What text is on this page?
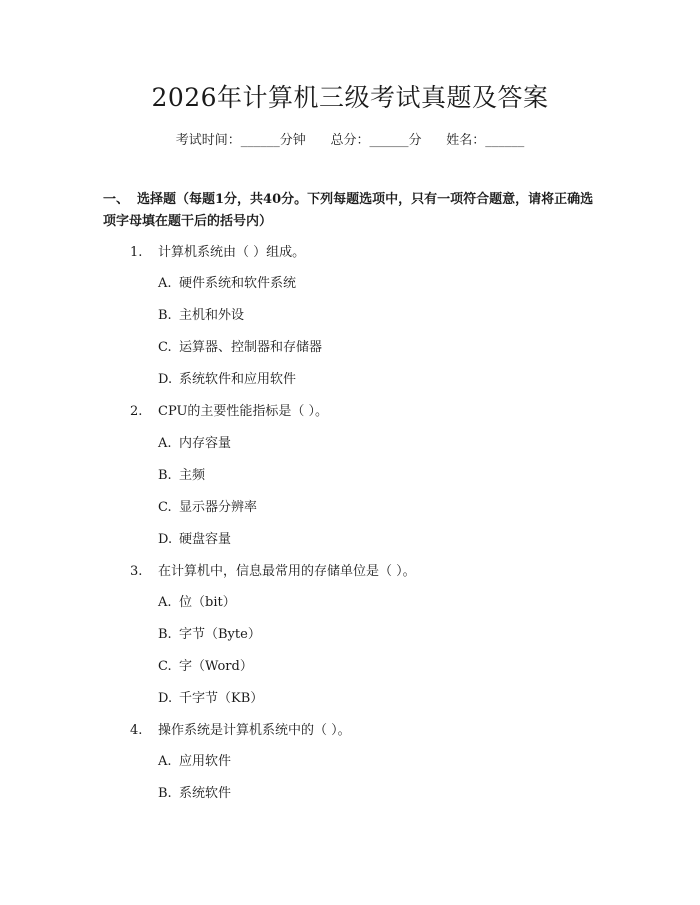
2026年计算机三级考试真题及答案
考试时间：______分钟      总分：______分      姓名：______
一、 选择题（每题1分，共40分。下列每题选项中，只有一项符合题意，请将正确选项字母填在题干后的括号内）
1. 计算机系统由（ ）组成。
A. 硬件系统和软件系统
B. 主机和外设
C. 运算器、控制器和存储器
D. 系统软件和应用软件
2. CPU的主要性能指标是（ ）。
A. 内存容量
B. 主频
C. 显示器分辨率
D. 硬盘容量
3. 在计算机中，信息最常用的存储单位是（ ）。
A. 位（bit）
B. 字节（Byte）
C. 字（Word）
D. 千字节（KB）
4. 操作系统是计算机系统中的（ ）。
A. 应用软件
B. 系统软件
